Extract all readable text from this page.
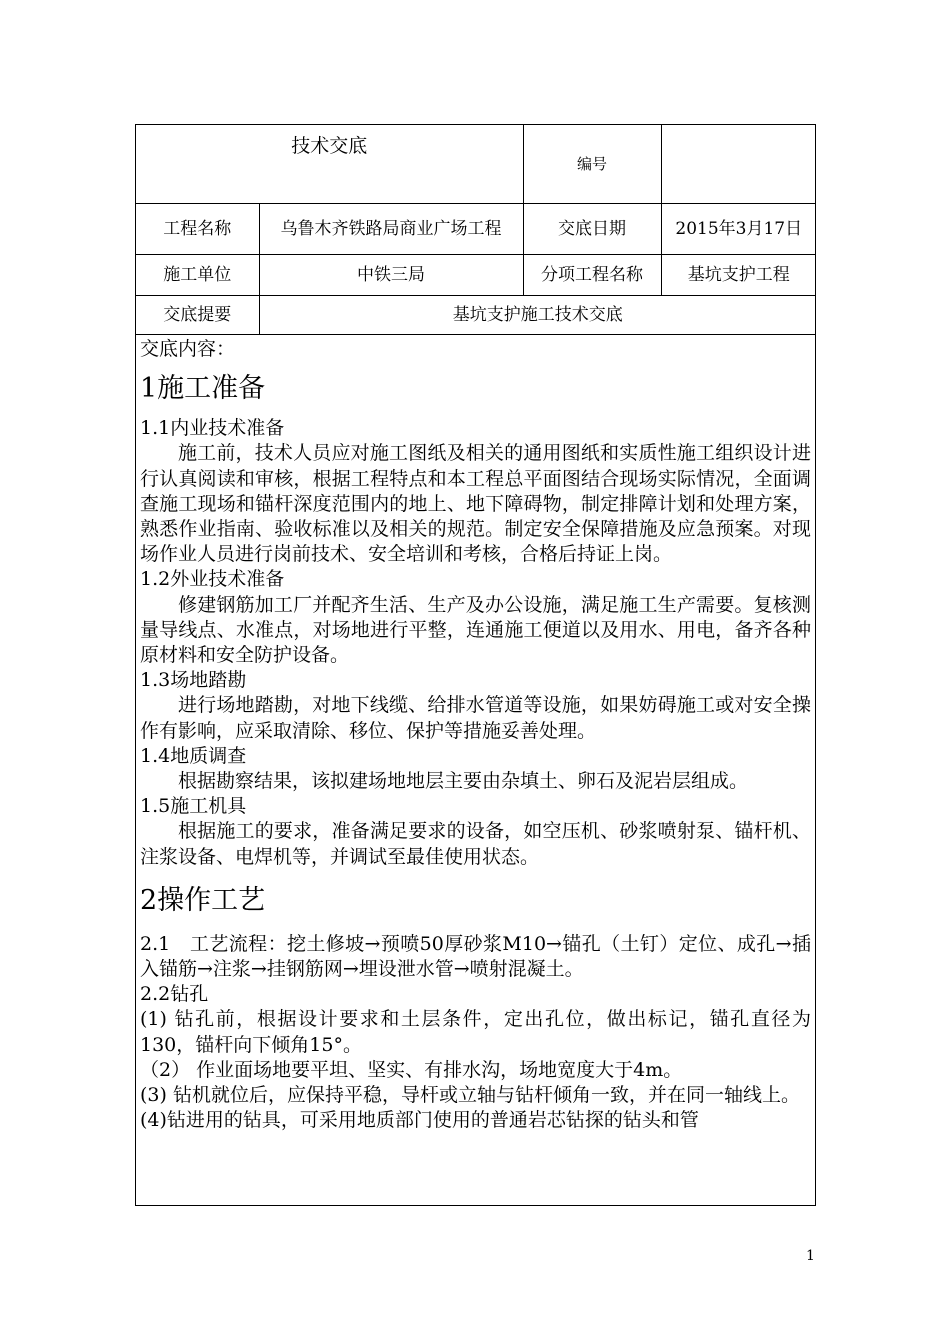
技术交底		编号	
工程名称	乌鲁木齐铁路局商业广场工程	交底日期	2015年3月17日
施工单位	中铁三局	分项工程名称	基坑支护工程
交底提要	基坑支护施工技术交底		

交底内容：

1施工准备

1.1内业技术准备

施工前，技术人员应对施工图纸及相关的通用图纸和实质性施工组织设计进行认真阅读和审核，根据工程特点和本工程总平面图结合现场实际情况，全面调查施工现场和锚杆深度范围内的地上、地下障碍物，制定排障计划和处理方案，熟悉作业指南、验收标准以及相关的规范。制定安全保障措施及应急预案。对现场作业人员进行岗前技术、安全培训和考核，合格后持证上岗。

1.2外业技术准备

修建钢筋加工厂并配齐生活、生产及办公设施，满足施工生产需要。复核测量导线点、水准点，对场地进行平整，连通施工便道以及用水、用电，备齐各种原材料和安全防护设备。

1.3场地踏勘

进行场地踏勘，对地下线缆、给排水管道等设施，如果妨碍施工或对安全操作有影响，应采取清除、移位、保护等措施妥善处理。

1.4地质调查

根据勘察结果，该拟建场地地层主要由杂填土、卵石及泥岩层组成。

1.5施工机具

根据施工的要求，准备满足要求的设备，如空压机、砂浆喷射泵、锚杆机、注浆设备、电焊机等，并调试至最佳使用状态。

2操作工艺

2.1　工艺流程：挖土修坡→预喷50厚砂浆M10→锚孔（土钉）定位、成孔→插入锚筋→注浆→挂钢筋网→埋设泄水管→喷射混凝土。

2.2钻孔

(1) 钻孔前，根据设计要求和土层条件，定出孔位，做出标记，锚孔直径为130，锚杆向下倾角15°。

（2） 作业面场地要平坦、坚实、有排水沟，场地宽度大于4m。

(3) 钻机就位后，应保持平稳，导杆或立轴与钻杆倾角一致，并在同一轴线上。

(4)钻进用的钻具，可采用地质部门使用的普通岩芯钻探的钻头和管

1
